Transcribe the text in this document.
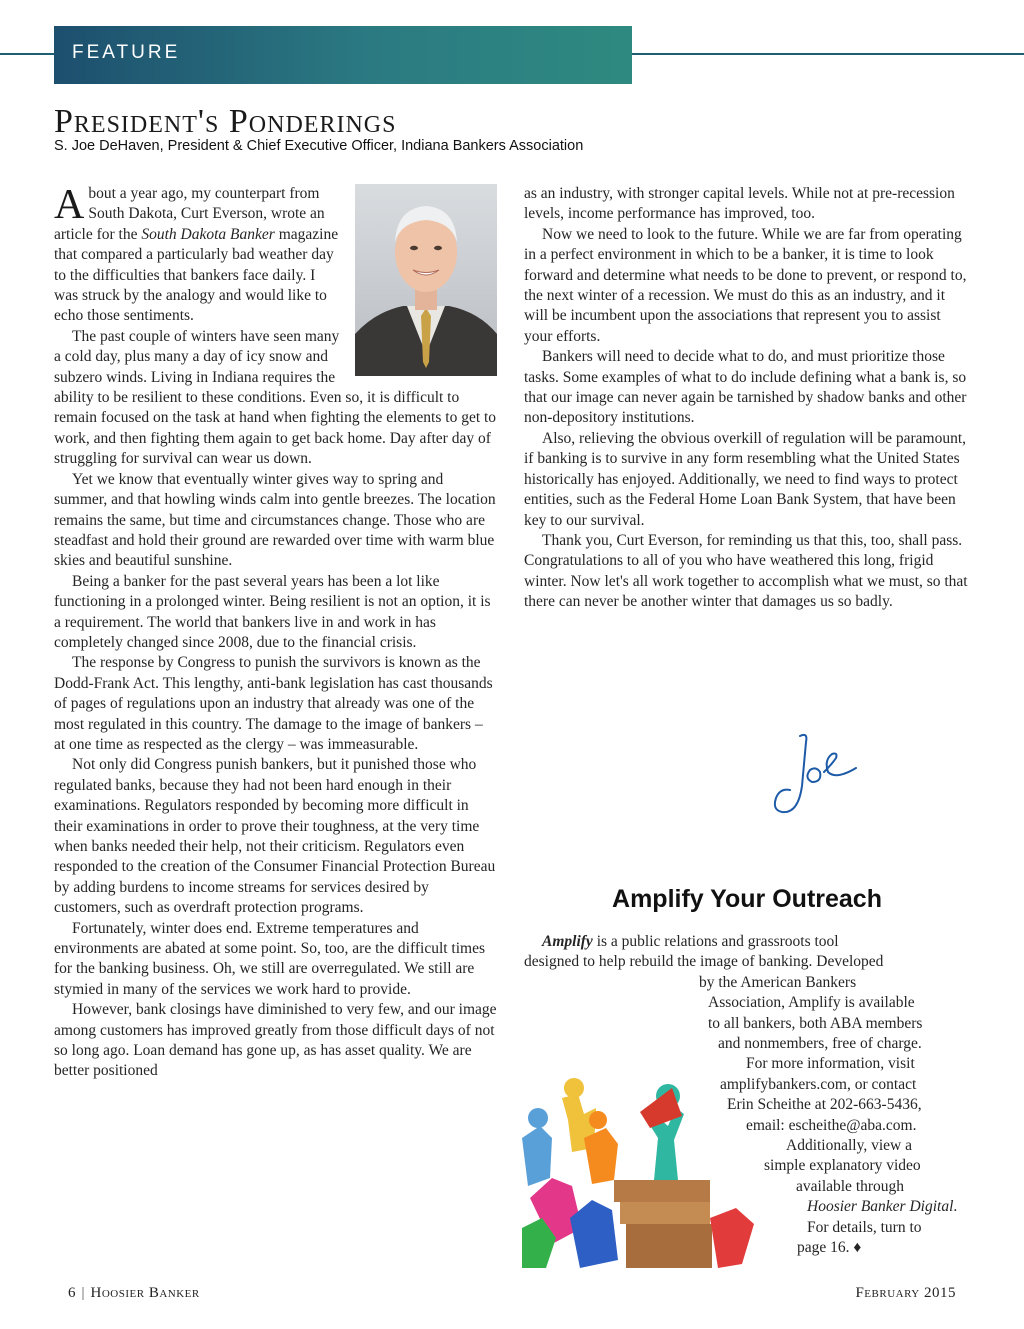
FEATURE
President's Ponderings

S. Joe DeHaven, President & Chief Executive Officer, Indiana Bankers Association

About a year ago, my counterpart from South Dakota, Curt Everson, wrote an article for the South Dakota Banker magazine that compared a particularly bad weather day to the difficulties that bankers face daily. I was struck by the analogy and would like to echo those sentiments.

The past couple of winters have seen many a cold day, plus many a day of icy snow and subzero winds. Living in Indiana requires the ability to be resilient to these conditions. Even so, it is difficult to remain focused on the task at hand when fighting the elements to get to work, and then fighting them again to get back home. Day after day of struggling for survival can wear us down.

Yet we know that eventually winter gives way to spring and summer, and that howling winds calm into gentle breezes. The location remains the same, but time and circumstances change. Those who are steadfast and hold their ground are rewarded over time with warm blue skies and beautiful sunshine.

Being a banker for the past several years has been a lot like functioning in a prolonged winter. Being resilient is not an option, it is a requirement. The world that bankers live in and work in has completely changed since 2008, due to the financial crisis.

The response by Congress to punish the survivors is known as the Dodd-Frank Act. This lengthy, anti-bank legislation has cast thousands of pages of regulations upon an industry that already was one of the most regulated in this country. The damage to the image of bankers – at one time as respected as the clergy – was immeasurable.

Not only did Congress punish bankers, but it punished those who regulated banks, because they had not been hard enough in their examinations. Regulators responded by becoming more difficult in their examinations in order to prove their toughness, at the very time when banks needed their help, not their criticism. Regulators even responded to the creation of the Consumer Financial Protection Bureau by adding burdens to income streams for services desired by customers, such as overdraft protection programs.

Fortunately, winter does end. Extreme temperatures and environments are abated at some point. So, too, are the difficult times for the banking business. Oh, we still are overregulated. We still are stymied in many of the services we work hard to provide.

However, bank closings have diminished to very few, and our image among customers has improved greatly from those difficult days of not so long ago. Loan demand has gone up, as has asset quality. We are better positioned

as an industry, with stronger capital levels. While not at pre-recession levels, income performance has improved, too.

Now we need to look to the future. While we are far from operating in a perfect environment in which to be a banker, it is time to look forward and determine what needs to be done to prevent, or respond to, the next winter of a recession. We must do this as an industry, and it will be incumbent upon the associations that represent you to assist your efforts.

Bankers will need to decide what to do, and must prioritize those tasks. Some examples of what to do include defining what a bank is, so that our image can never again be tarnished by shadow banks and other non-depository institutions.

Also, relieving the obvious overkill of regulation will be paramount, if banking is to survive in any form resembling what the United States historically has enjoyed. Additionally, we need to find ways to protect entities, such as the Federal Home Loan Bank System, that have been key to our survival.

Thank you, Curt Everson, for reminding us that this, too, shall pass. Congratulations to all of you who have weathered this long, frigid winter. Now let's all work together to accomplish what we must, so that there can never be another winter that damages us so badly.

Amplify Your Outreach
Amplify is a public relations and grassroots tool
designed to help rebuild the image of banking. Developed
by the American Bankers
Association, Amplify is available
to all bankers, both ABA members
and nonmembers, free of charge.
For more information, visit
amplifybankers.com, or contact
Erin Scheithe at 202-663-5436,
email: escheithe@aba.com.
Additionally, view a
simple explanatory video
available through
Hoosier Banker Digital.
For details, turn to
page 16. ♦
6 | Hoosier Banker	February 2015
